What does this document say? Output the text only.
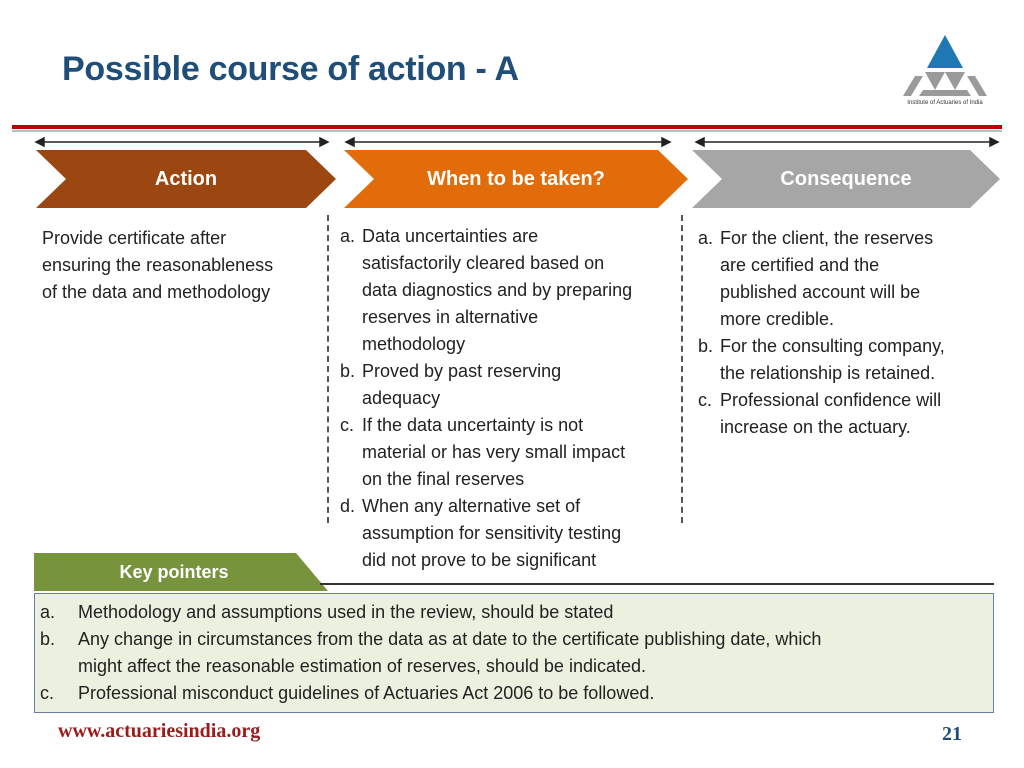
Possible course of action - A
Institute of Actuaries of India
Action	When to be taken?	Consequence
Provide certificate after
ensuring the reasonableness
of the data and methodology
a. Data uncertainties are
satisfactorily cleared based on
data diagnostics and by preparing
reserves in alternative
methodology
b. Proved by past reserving
adequacy
c. If the data uncertainty is not
material or has very small impact
on the final reserves
d. When any alternative set of
assumption for sensitivity testing
did not prove to be significant
a. For the client, the reserves
are certified and the
published account will be
more credible.
b. For the consulting company,
the relationship is retained.
c. Professional confidence will
increase on the actuary.
Key pointers
a. Methodology and assumptions used in the review, should be stated
b. Any change in circumstances from the data as at date to the certificate publishing date, which
might affect the reasonable estimation of reserves, should be indicated.
c. Professional misconduct guidelines of Actuaries Act 2006 to be followed.
www.actuariesindia.org	21
